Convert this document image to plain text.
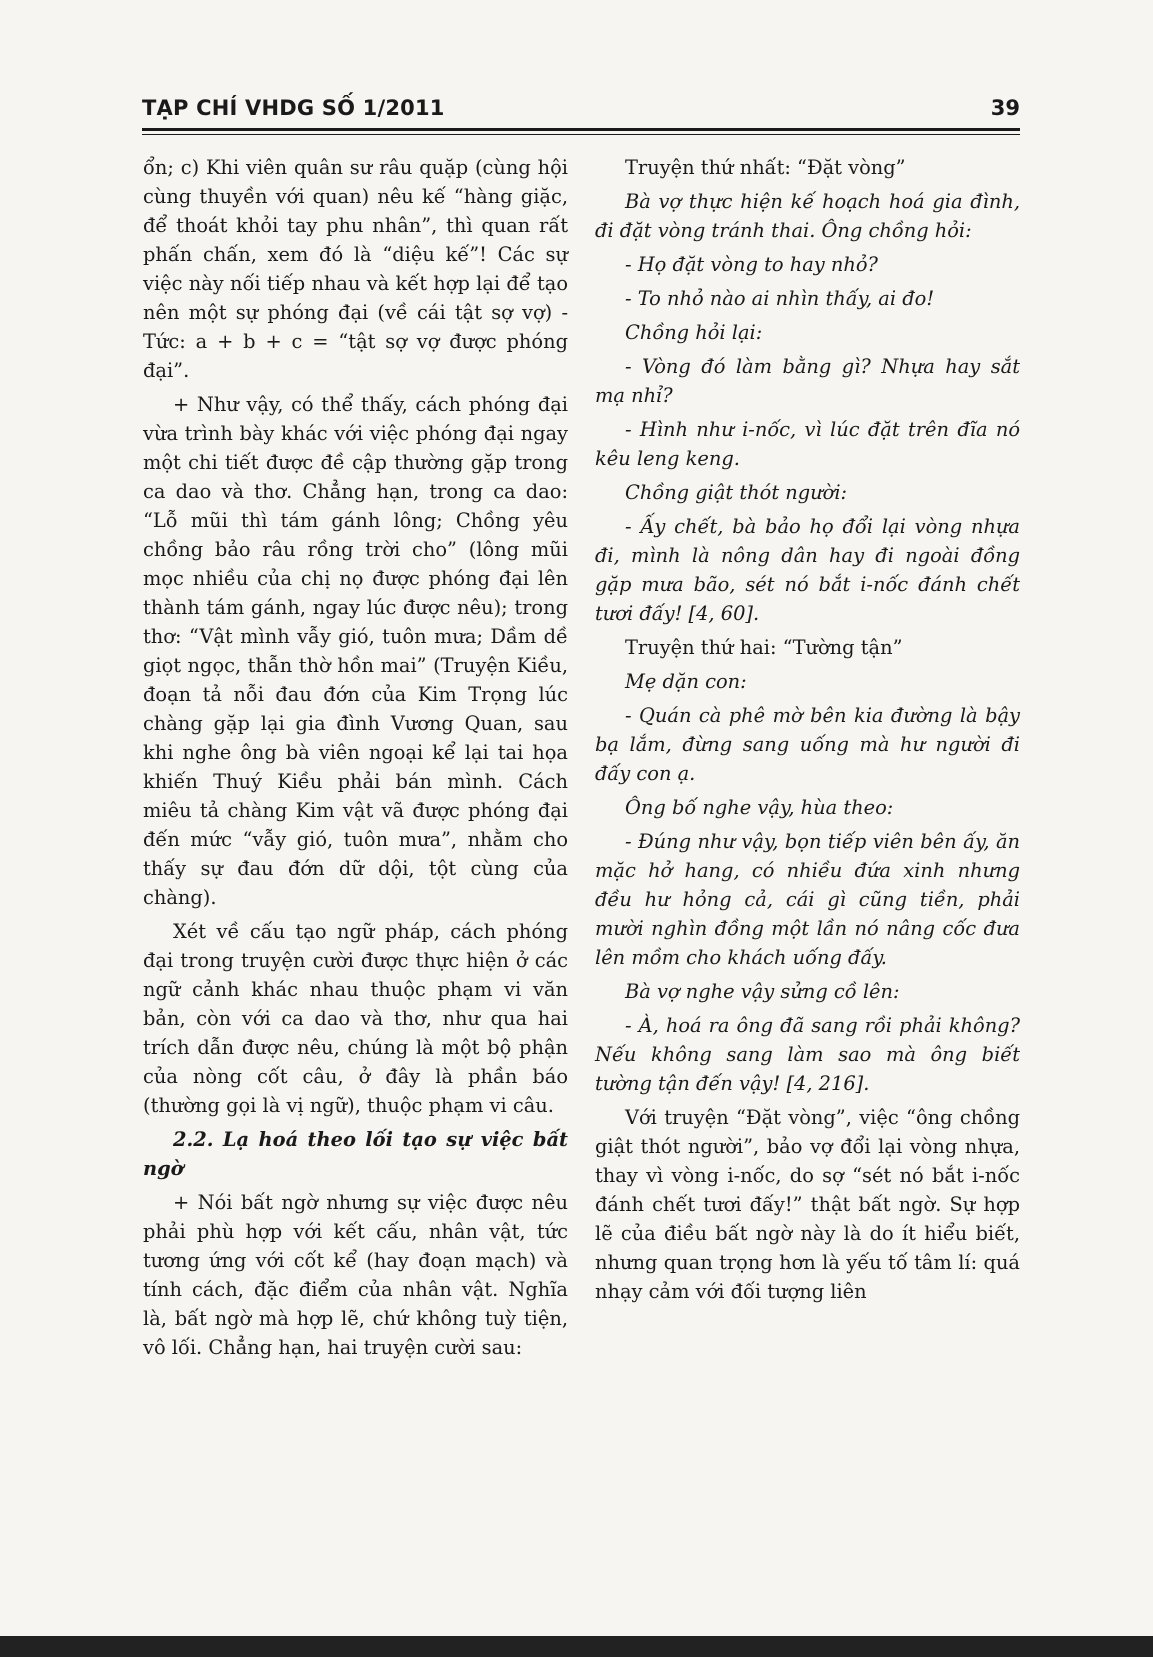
TẠP CHÍ VHDG SỐ 1/2011	39

ổn; c) Khi viên quân sư râu quặp (cùng hội cùng thuyền với quan) nêu kế “hàng giặc, để thoát khỏi tay phu nhân”, thì quan rất phấn chấn, xem đó là “diệu kế”! Các sự việc này nối tiếp nhau và kết hợp lại để tạo nên một sự phóng đại (về cái tật sợ vợ) - Tức: a + b + c = “tật sợ vợ được phóng đại”.

+ Như vậy, có thể thấy, cách phóng đại vừa trình bày khác với việc phóng đại ngay một chi tiết được đề cập thường gặp trong ca dao và thơ. Chẳng hạn, trong ca dao: “Lỗ mũi thì tám gánh lông; Chồng yêu chồng bảo râu rồng trời cho” (lông mũi mọc nhiều của chị nọ được phóng đại lên thành tám gánh, ngay lúc được nêu); trong thơ: “Vật mình vẫy gió, tuôn mưa; Dầm dề giọt ngọc, thẫn thờ hồn mai” (Truyện Kiều, đoạn tả nỗi đau đớn của Kim Trọng lúc chàng gặp lại gia đình Vương Quan, sau khi nghe ông bà viên ngoại kể lại tai họa khiến Thuý Kiều phải bán mình. Cách miêu tả chàng Kim vật vã được phóng đại đến mức “vẫy gió, tuôn mưa”, nhằm cho thấy sự đau đớn dữ dội, tột cùng của chàng).

Xét về cấu tạo ngữ pháp, cách phóng đại trong truyện cười được thực hiện ở các ngữ cảnh khác nhau thuộc phạm vi văn bản, còn với ca dao và thơ, như qua hai trích dẫn được nêu, chúng là một bộ phận của nòng cốt câu, ở đây là phần báo (thường gọi là vị ngữ), thuộc phạm vi câu.

2.2. Lạ hoá theo lối tạo sự việc bất ngờ

+ Nói bất ngờ nhưng sự việc được nêu phải phù hợp với kết cấu, nhân vật, tức tương ứng với cốt kể (hay đoạn mạch) và tính cách, đặc điểm của nhân vật. Nghĩa là, bất ngờ mà hợp lẽ, chứ không tuỳ tiện, vô lối. Chẳng hạn, hai truyện cười sau:

Truyện thứ nhất: “Đặt vòng”

Bà vợ thực hiện kế hoạch hoá gia đình, đi đặt vòng tránh thai. Ông chồng hỏi:

- Họ đặt vòng to hay nhỏ?

- To nhỏ nào ai nhìn thấy, ai đo!

Chồng hỏi lại:

- Vòng đó làm bằng gì? Nhựa hay sắt mạ nhỉ?

- Hình như i-nốc, vì lúc đặt trên đĩa nó kêu leng keng.

Chồng giật thót người:

- Ấy chết, bà bảo họ đổi lại vòng nhựa đi, mình là nông dân hay đi ngoài đồng gặp mưa bão, sét nó bắt i-nốc đánh chết tươi đấy! [4, 60].

Truyện thứ hai: “Tường tận”

Mẹ dặn con:

- Quán cà phê mờ bên kia đường là bậy bạ lắm, đừng sang uống mà hư người đi đấy con ạ.

Ông bố nghe vậy, hùa theo:

- Đúng như vậy, bọn tiếp viên bên ấy, ăn mặc hở hang, có nhiều đứa xinh nhưng đều hư hỏng cả, cái gì cũng tiền, phải mười nghìn đồng một lần nó nâng cốc đưa lên mồm cho khách uống đấy.

Bà vợ nghe vậy sửng cồ lên:

- À, hoá ra ông đã sang rồi phải không? Nếu không sang làm sao mà ông biết tường tận đến vậy! [4, 216].

Với truyện “Đặt vòng”, việc “ông chồng giật thót người”, bảo vợ đổi lại vòng nhựa, thay vì vòng i-nốc, do sợ “sét nó bắt i-nốc đánh chết tươi đấy!” thật bất ngờ. Sự hợp lẽ của điều bất ngờ này là do ít hiểu biết, nhưng quan trọng hơn là yếu tố tâm lí: quá nhạy cảm với đối tượng liên
